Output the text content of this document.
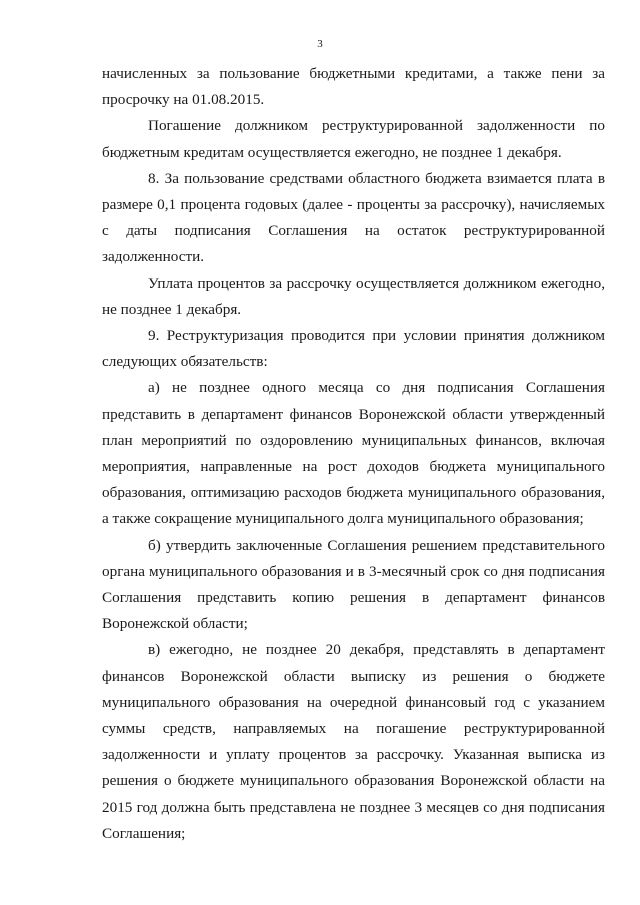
3

начисленных за пользование бюджетными кредитами, а также пени за просрочку на 01.08.2015.

Погашение должником реструктурированной задолженности по бюджетным кредитам осуществляется ежегодно, не позднее 1 декабря.

8. За пользование средствами областного бюджета взимается плата в размере 0,1 процента годовых (далее - проценты за рассрочку), начисляемых с даты подписания Соглашения на остаток реструктурированной задолженности.

Уплата процентов за рассрочку осуществляется должником ежегодно, не позднее 1 декабря.

9. Реструктуризация проводится при условии принятия должником следующих обязательств:

а) не позднее одного месяца со дня подписания Соглашения представить в департамент финансов Воронежской области утвержденный план мероприятий по оздоровлению муниципальных финансов, включая мероприятия, направленные на рост доходов бюджета муниципального образования, оптимизацию расходов бюджета муниципального образования, а также сокращение муниципального долга муниципального образования;

б) утвердить заключенные Соглашения решением представительного органа муниципального образования и в 3-месячный срок со дня подписания Соглашения представить копию решения в департамент финансов Воронежской области;

в) ежегодно, не позднее 20 декабря, представлять в департамент финансов Воронежской области выписку из решения о бюджете муниципального образования на очередной финансовый год с указанием суммы средств, направляемых на погашение реструктурированной задолженности и уплату процентов за рассрочку. Указанная выписка из решения о бюджете муниципального образования Воронежской области на 2015 год должна быть представлена не позднее 3 месяцев со дня подписания Соглашения;
